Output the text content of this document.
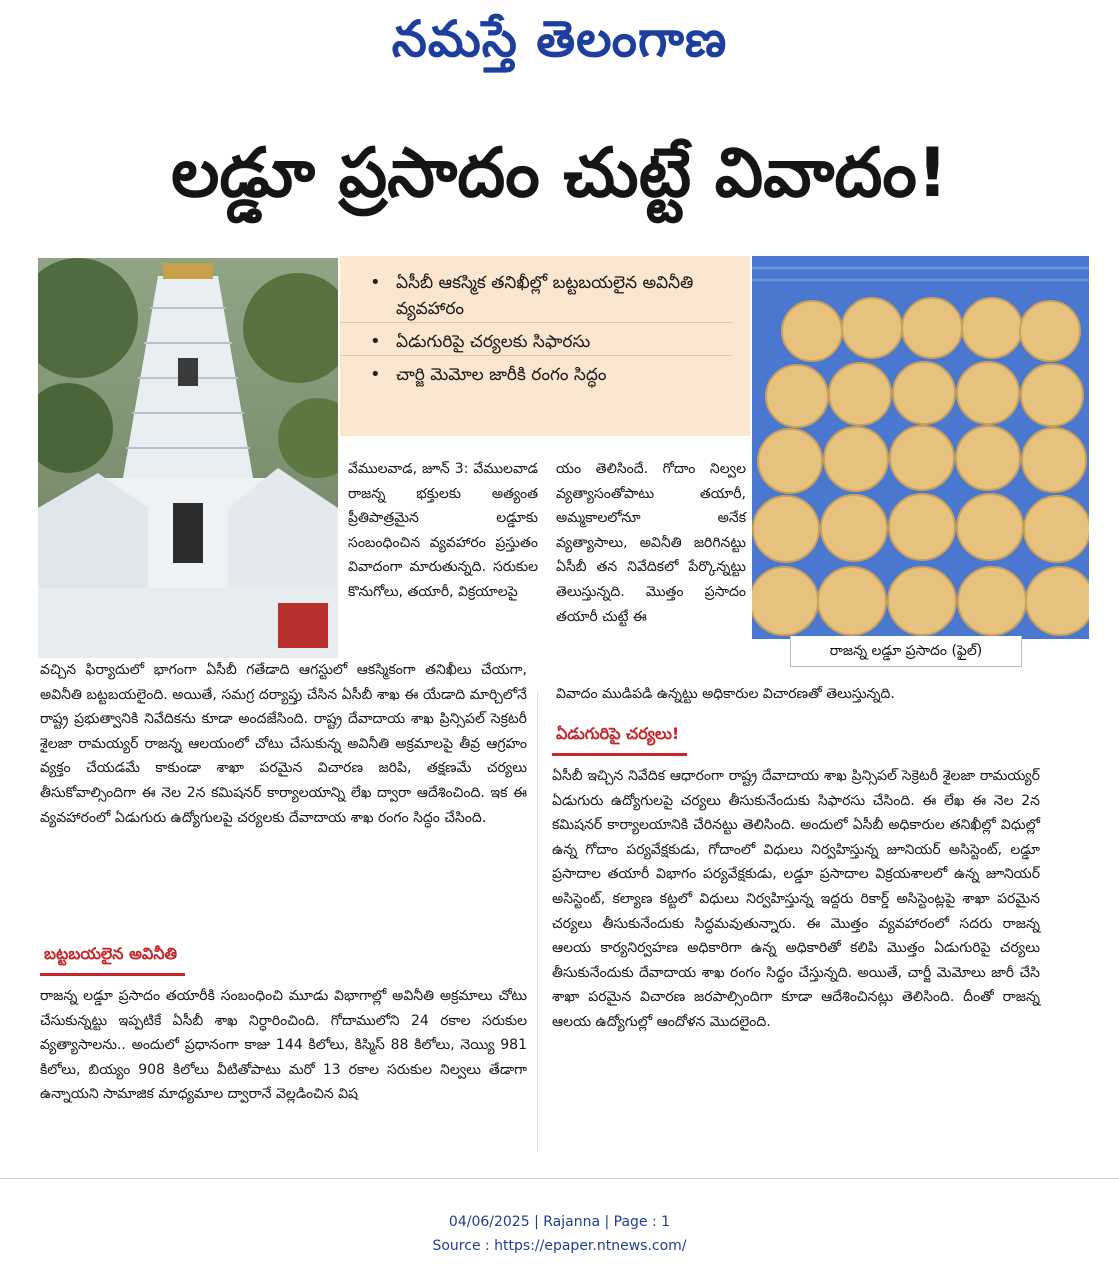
నమస్తే తెలంగాణ
లడ్డూ ప్రసాదం చుట్టే వివాదం!
• ఏసీబీ ఆకస్మిక తనిఖీల్లో బట్టబయలైన అవినీతి వ్యవహారం
• ఏడుగురిపై చర్యలకు సిఫారసు
• చార్జి మెమోల జారీకి రంగం సిద్ధం
రాజన్న లడ్డూ ప్రసాదం (ఫైల్)

వేములవాడ, జూన్ 3: వేములవాడ రాజన్న భక్తులకు అత్యంత ప్రీతిపాత్రమైన లడ్డూకు సంబంధించిన వ్యవహారం ప్రస్తుతం వివాదంగా మారుతున్నది. సరుకుల కొనుగోలు, తయారీ, విక్రయాలపై

యం తెలిసిందే. గోదాం నిల్వల వ్యత్యాసంతోపాటు తయారీ, అమ్మకాలలోనూ అనేక వ్యత్యాసాలు, అవినీతి జరిగినట్టు ఏసీబీ తన నివేదికలో పేర్కొన్నట్టు తెలుస్తున్నది. మొత్తం ప్రసాదం తయారీ చుట్టే ఈ

వివాదం ముడిపడి ఉన్నట్టు అధికారుల విచారణతో తెలుస్తున్నది.

వచ్చిన ఫిర్యాదులో భాగంగా ఏసీబీ గతేడాది ఆగస్టులో ఆకస్మికంగా తనిఖీలు చేయగా, అవినీతి బట్టబయలైంది. అయితే, సమగ్ర దర్యాప్తు చేసిన ఏసీబీ శాఖ ఈ యేడాది మార్చిలోనే రాష్ట్ర ప్రభుత్వానికి నివేదికను కూడా అందజేసింది. రాష్ట్ర దేవాదాయ శాఖ ప్రిన్సిపల్ సెక్రటరీ శైలజా రామయ్యర్ రాజన్న ఆలయంలో చోటు చేసుకున్న అవినీతి అక్రమాలపై తీవ్ర ఆగ్రహం వ్యక్తం చేయడమే కాకుండా శాఖా పరమైన విచారణ జరిపి, తక్షణమే చర్యలు తీసుకోవాల్సిందిగా ఈ నెల 2న కమిషనర్ కార్యాలయాన్ని లేఖ ద్వారా ఆదేశించింది. ఇక ఈ వ్యవహారంలో ఏడుగురు ఉద్యోగులపై చర్యలకు దేవాదాయ శాఖ రంగం సిద్ధం చేసింది.

బట్టబయలైన అవినీతి

రాజన్న లడ్డూ ప్రసాదం తయారీకి సంబంధించి మూడు విభాగాల్లో అవినీతి అక్రమాలు చోటు చేసుకున్నట్టు ఇప్పటికే ఏసీబీ శాఖ నిర్ధారించింది. గోదాములోని 24 రకాల సరుకుల వ్యత్యాసాలను.. అందులో ప్రధానంగా కాజు 144 కిలోలు, కిస్మిస్ 88 కిలోలు, నెయ్యి 981 కిలోలు, బియ్యం 908 కిలోలు వీటితోపాటు మరో 13 రకాల సరుకుల నిల్వలు తేడాగా ఉన్నాయని సామాజిక మాధ్యమాల ద్వారానే వెల్లడించిన విష

ఏడుగురిపై చర్యలు!

ఏసీబీ ఇచ్చిన నివేదిక ఆధారంగా రాష్ట్ర దేవాదాయ శాఖ ప్రిన్సిపల్ సెక్రెటరీ శైలజా రామయ్యర్ ఏడుగురు ఉద్యోగులపై చర్యలు తీసుకునేందుకు సిఫారసు చేసింది. ఈ లేఖ ఈ నెల 2న కమిషనర్ కార్యాలయానికి చేరినట్టు తెలిసింది. అందులో ఏసీబీ అధికారుల తనిఖీల్లో విధుల్లో ఉన్న గోదాం పర్యవేక్షకుడు, గోదాంలో విధులు నిర్వహిస్తున్న జూనియర్ అసిస్టెంట్, లడ్డూ ప్రసాదాల తయారీ విభాగం పర్యవేక్షకుడు, లడ్డూ ప్రసాదాల విక్రయశాలలో ఉన్న జూనియర్ అసిస్టెంట్, కల్యాణ కట్టలో విధులు నిర్వహిస్తున్న ఇద్దరు రికార్డ్ అసిస్టెంట్లపై శాఖా పరమైన చర్యలు తీసుకునేందుకు సిద్ధమవుతున్నారు. ఈ మొత్తం వ్యవహారంలో సదరు రాజన్న ఆలయ కార్యనిర్వహణ అధికారిగా ఉన్న అధికారితో కలిపి మొత్తం ఏడుగురిపై చర్యలు తీసుకునేందుకు దేవాదాయ శాఖ రంగం సిద్ధం చేస్తున్నది. అయితే, చార్జీ మెమోలు జారీ చేసి శాఖా పరమైన విచారణ జరపాల్సిందిగా కూడా ఆదేశించినట్లు తెలిసింది. దీంతో రాజన్న ఆలయ ఉద్యోగుల్లో ఆందోళన మొదలైంది.

04/06/2025 | Rajanna | Page : 1
Source : https://epaper.ntnews.com/
